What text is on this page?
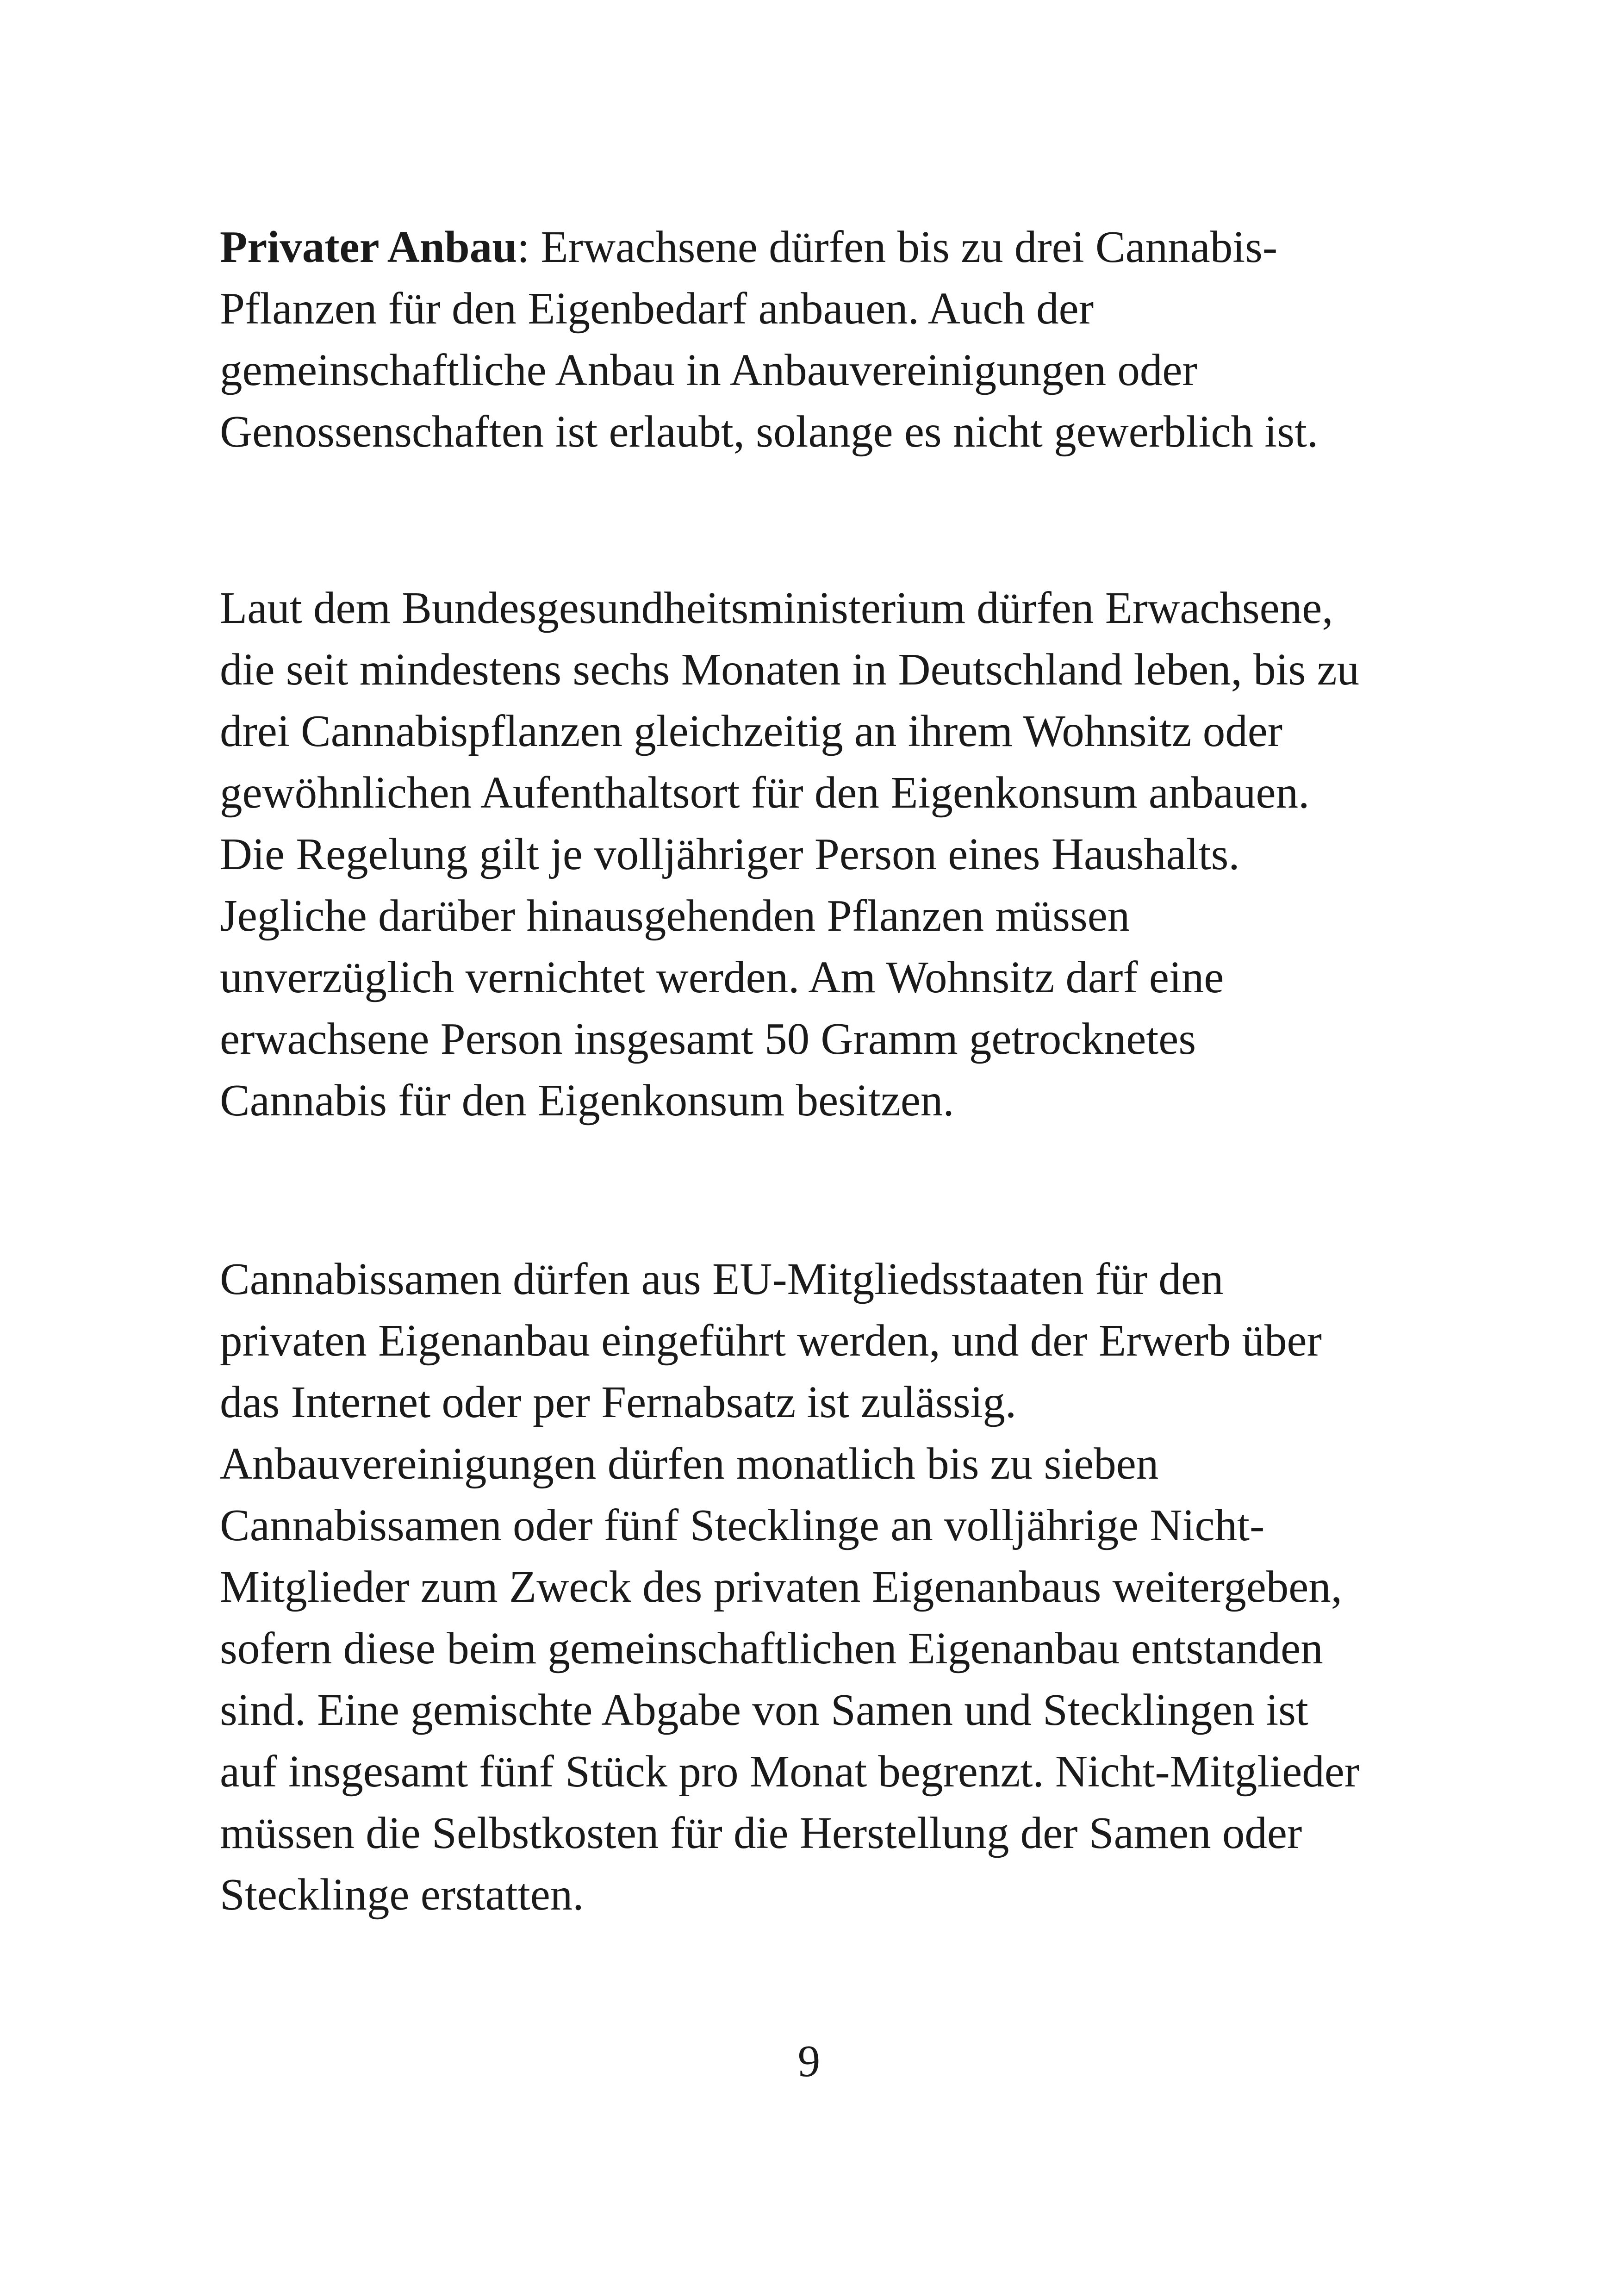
Privater Anbau: Erwachsene dürfen bis zu drei Cannabis-
Pflanzen für den Eigenbedarf anbauen. Auch der
gemeinschaftliche Anbau in Anbauvereinigungen oder
Genossenschaften ist erlaubt, solange es nicht gewerblich ist.

Laut dem Bundesgesundheitsministerium dürfen Erwachsene,
die seit mindestens sechs Monaten in Deutschland leben, bis zu
drei Cannabispflanzen gleichzeitig an ihrem Wohnsitz oder
gewöhnlichen Aufenthaltsort für den Eigenkonsum anbauen.
Die Regelung gilt je volljähriger Person eines Haushalts.
Jegliche darüber hinausgehenden Pflanzen müssen
unverzüglich vernichtet werden. Am Wohnsitz darf eine
erwachsene Person insgesamt 50 Gramm getrocknetes
Cannabis für den Eigenkonsum besitzen.

Cannabissamen dürfen aus EU-Mitgliedsstaaten für den
privaten Eigenanbau eingeführt werden, und der Erwerb über
das Internet oder per Fernabsatz ist zulässig.
Anbauvereinigungen dürfen monatlich bis zu sieben
Cannabissamen oder fünf Stecklinge an volljährige Nicht-
Mitglieder zum Zweck des privaten Eigenanbaus weitergeben,
sofern diese beim gemeinschaftlichen Eigenanbau entstanden
sind. Eine gemischte Abgabe von Samen und Stecklingen ist
auf insgesamt fünf Stück pro Monat begrenzt. Nicht-Mitglieder
müssen die Selbstkosten für die Herstellung der Samen oder
Stecklinge erstatten.

9
